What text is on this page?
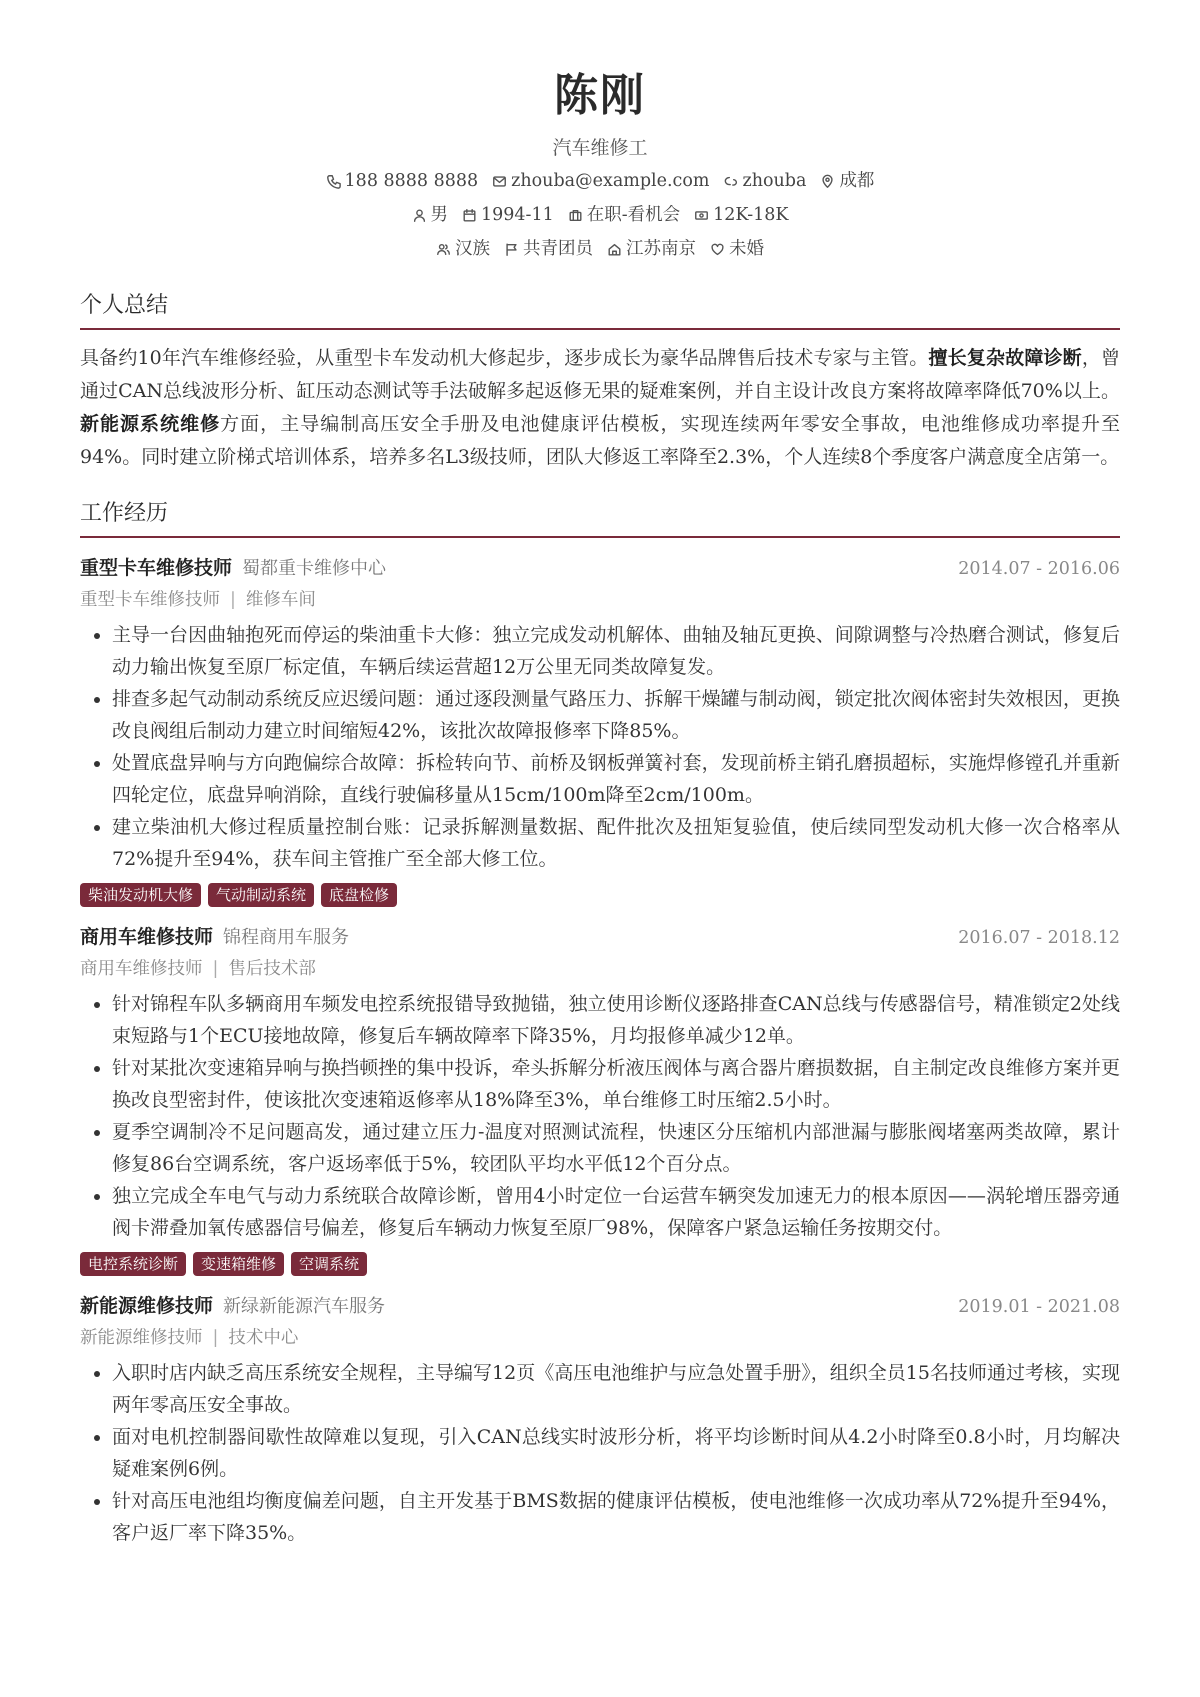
陈刚
汽车维修工
188 8888 8888 zhouba@example.com zhouba 成都
男 1994-11 在职-看机会 12K-18K
汉族 共青团员 江苏南京 未婚
个人总结
具备约10年汽车维修经验，从重型卡车发动机大修起步，逐步成长为豪华品牌售后技术专家与主管。擅长复杂故障诊断，曾通过CAN总线波形分析、缸压动态测试等手法破解多起返修无果的疑难案例，并自主设计改良方案将故障率降低70%以上。新能源系统维修方面，主导编制高压安全手册及电池健康评估模板，实现连续两年零安全事故，电池维修成功率提升至94%。同时建立阶梯式培训体系，培养多名L3级技师，团队大修返工率降至2.3%，个人连续8个季度客户满意度全店第一。
工作经历
重型卡车维修技师 蜀都重卡维修中心	2014.07 - 2016.06
重型卡车维修技师 | 维修车间
• 主导一台因曲轴抱死而停运的柴油重卡大修：独立完成发动机解体、曲轴及轴瓦更换、间隙调整与冷热磨合测试，修复后动力输出恢复至原厂标定值，车辆后续运营超12万公里无同类故障复发。
• 排查多起气动制动系统反应迟缓问题：通过逐段测量气路压力、拆解干燥罐与制动阀，锁定批次阀体密封失效根因，更换改良阀组后制动力建立时间缩短42%，该批次故障报修率下降85%。
• 处置底盘异响与方向跑偏综合故障：拆检转向节、前桥及钢板弹簧衬套，发现前桥主销孔磨损超标，实施焊修镗孔并重新四轮定位，底盘异响消除，直线行驶偏移量从15cm/100m降至2cm/100m。
• 建立柴油机大修过程质量控制台账：记录拆解测量数据、配件批次及扭矩复验值，使后续同型发动机大修一次合格率从72%提升至94%，获车间主管推广至全部大修工位。
柴油发动机大修	气动制动系统	底盘检修
商用车维修技师 锦程商用车服务	2016.07 - 2018.12
商用车维修技师 | 售后技术部
• 针对锦程车队多辆商用车频发电控系统报错导致抛锚，独立使用诊断仪逐路排查CAN总线与传感器信号，精准锁定2处线束短路与1个ECU接地故障，修复后车辆故障率下降35%，月均报修单减少12单。
• 针对某批次变速箱异响与换挡顿挫的集中投诉，牵头拆解分析液压阀体与离合器片磨损数据，自主制定改良维修方案并更换改良型密封件，使该批次变速箱返修率从18%降至3%，单台维修工时压缩2.5小时。
• 夏季空调制冷不足问题高发，通过建立压力-温度对照测试流程，快速区分压缩机内部泄漏与膨胀阀堵塞两类故障，累计修复86台空调系统，客户返场率低于5%，较团队平均水平低12个百分点。
• 独立完成全车电气与动力系统联合故障诊断，曾用4小时定位一台运营车辆突发加速无力的根本原因——涡轮增压器旁通阀卡滞叠加氧传感器信号偏差，修复后车辆动力恢复至原厂98%，保障客户紧急运输任务按期交付。
电控系统诊断	变速箱维修	空调系统
新能源维修技师 新绿新能源汽车服务	2019.01 - 2021.08
新能源维修技师 | 技术中心
• 入职时店内缺乏高压系统安全规程，主导编写12页《高压电池维护与应急处置手册》，组织全员15名技师通过考核，实现两年零高压安全事故。
• 面对电机控制器间歇性故障难以复现，引入CAN总线实时波形分析，将平均诊断时间从4.2小时降至0.8小时，月均解决疑难案例6例。
• 针对高压电池组均衡度偏差问题，自主开发基于BMS数据的健康评估模板，使电池维修一次成功率从72%提升至94%，客户返厂率下降35%。
